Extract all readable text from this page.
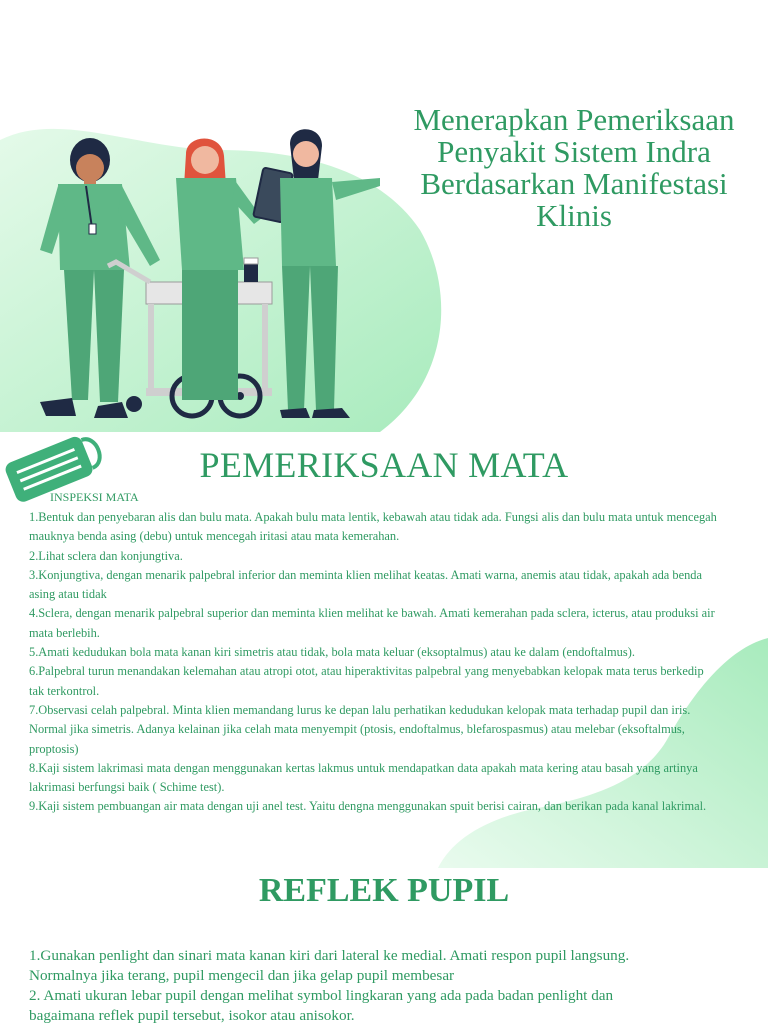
Menerapkan Pemeriksaan
Penyakit Sistem Indra
Berdasarkan Manifestasi
Klinis
PEMERIKSAAN MATA
INSPEKSI MATA
1.Bentuk dan penyebaran alis dan bulu mata. Apakah bulu mata lentik, kebawah atau tidak ada. Fungsi alis dan bulu mata untuk mencegah mauknya benda asing (debu) untuk mencegah iritasi atau mata kemerahan.
2.Lihat sclera dan konjungtiva.
3.Konjungtiva, dengan menarik palpebral inferior dan meminta klien melihat keatas. Amati warna, anemis atau tidak, apakah ada benda asing atau tidak
4.Sclera, dengan menarik palpebral superior dan meminta klien melihat ke bawah. Amati kemerahan pada sclera, icterus, atau produksi air mata berlebih.
5.Amati kedudukan bola mata kanan kiri simetris atau tidak, bola mata keluar (eksoptalmus) atau ke dalam (endoftalmus).
6.Palpebral turun menandakan kelemahan atau atropi otot, atau hiperaktivitas palpebral yang menyebabkan kelopak mata terus berkedip tak terkontrol.
7.Observasi celah palpebral. Minta klien memandang lurus ke depan lalu perhatikan kedudukan kelopak mata terhadap pupil dan iris. Normal jika simetris. Adanya kelainan jika celah mata menyempit (ptosis, endoftalmus, blefarospasmus) atau melebar (eksoftalmus, proptosis)
8.Kaji sistem lakrimasi mata dengan menggunakan kertas lakmus untuk mendapatkan data apakah mata kering atau basah yang artinya lakrimasi berfungsi baik ( Schime test).
9.Kaji sistem pembuangan air mata dengan uji anel test. Yaitu dengna menggunakan spuit berisi cairan, dan berikan pada kanal lakrimal.
REFLEK PUPIL
1.Gunakan penlight dan sinari mata kanan kiri dari lateral ke medial. Amati respon pupil langsung. Normalnya jika terang, pupil mengecil dan jika gelap pupil membesar
2. Amati ukuran lebar pupil dengan melihat symbol lingkaran yang ada pada badan penlight dan bagaimana reflek pupil tersebut, isokor atau anisokor.
